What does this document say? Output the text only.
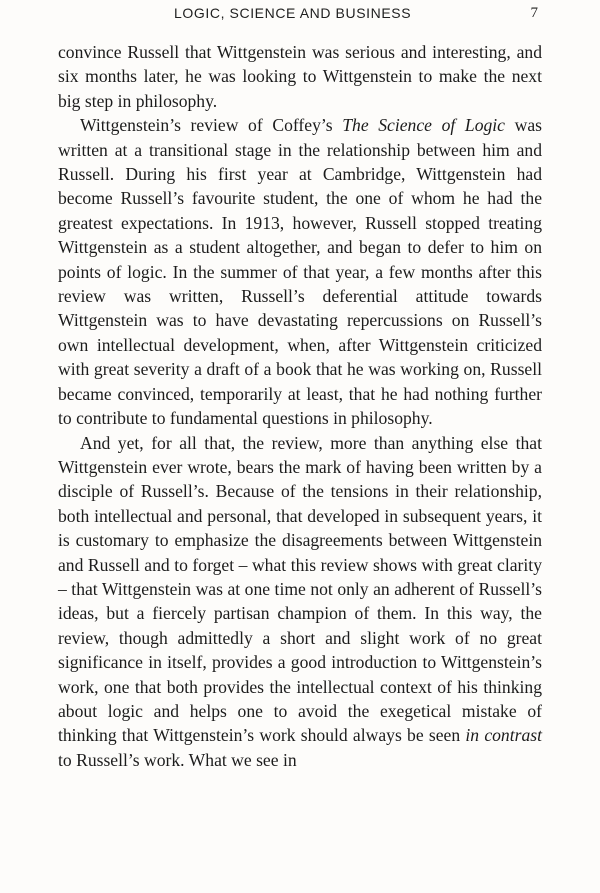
LOGIC, SCIENCE AND BUSINESS	7

convince Russell that Wittgenstein was serious and interesting, and six months later, he was looking to Wittgenstein to make the next big step in philosophy.

Wittgenstein’s review of Coffey’s The Science of Logic was written at a transitional stage in the relationship between him and Russell. During his first year at Cambridge, Wittgenstein had become Russell’s favourite student, the one of whom he had the greatest expectations. In 1913, however, Russell stopped treating Wittgenstein as a student altogether, and began to defer to him on points of logic. In the summer of that year, a few months after this review was written, Russell’s deferential attitude towards Wittgenstein was to have devastating repercussions on Russell’s own intellectual development, when, after Wittgenstein criticized with great severity a draft of a book that he was working on, Russell became convinced, temporarily at least, that he had nothing further to contribute to fundamental questions in philosophy.

And yet, for all that, the review, more than anything else that Wittgenstein ever wrote, bears the mark of having been written by a disciple of Russell’s. Because of the tensions in their relationship, both intellectual and personal, that developed in subsequent years, it is customary to emphasize the disagreements between Wittgenstein and Russell and to forget – what this review shows with great clarity – that Wittgenstein was at one time not only an adherent of Russell’s ideas, but a fiercely partisan champion of them. In this way, the review, though admittedly a short and slight work of no great significance in itself, provides a good introduction to Wittgenstein’s work, one that both provides the intellectual context of his thinking about logic and helps one to avoid the exegetical mistake of thinking that Wittgenstein’s work should always be seen in contrast to Russell’s work. What we see in
